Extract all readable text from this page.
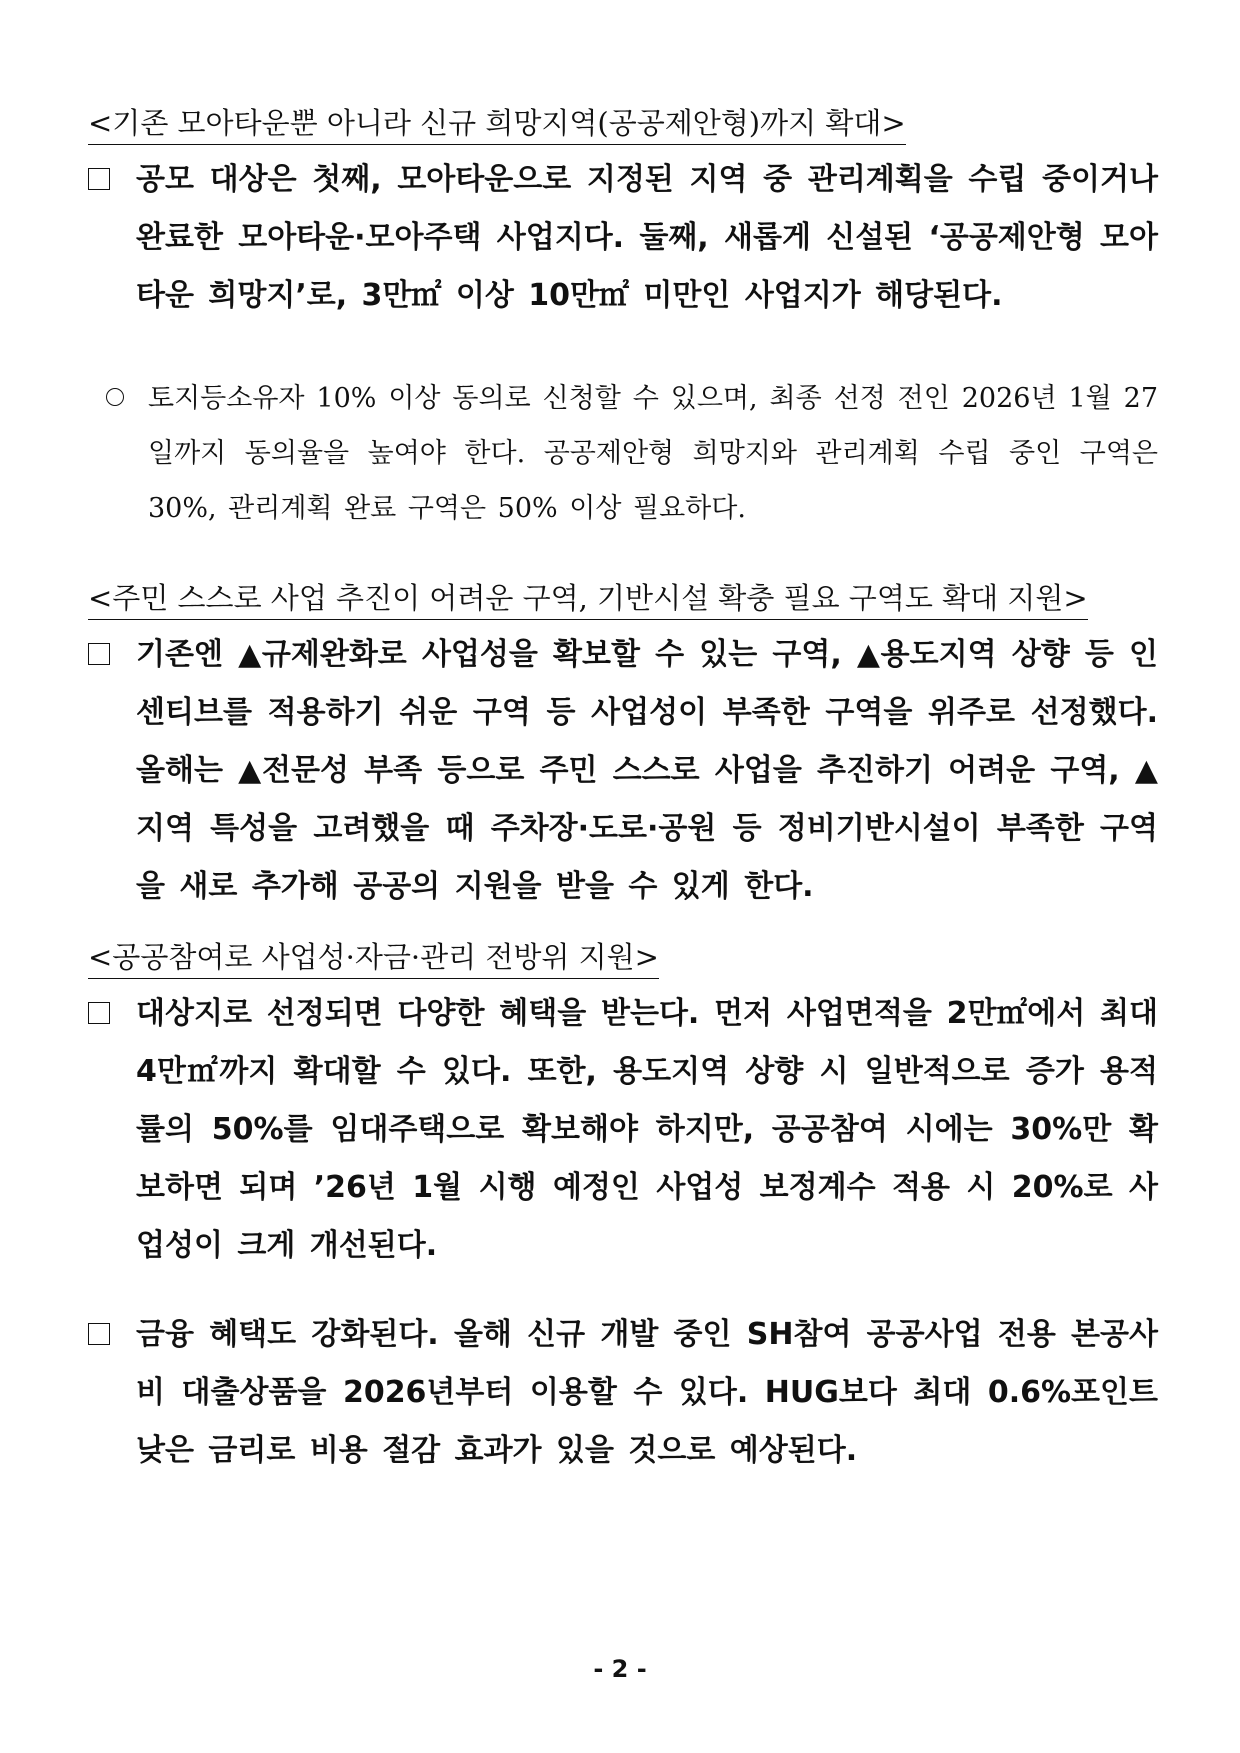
<기존 모아타운뿐 아니라 신규 희망지역(공공제안형)까지 확대>
공모 대상은 첫째, 모아타운으로 지정된 지역 중 관리계획을 수립 중이거나 완료한 모아타운·모아주택 사업지다. 둘째, 새롭게 신설된 ‘공공제안형 모아타운 희망지’로, 3만㎡ 이상 10만㎡ 미만인 사업지가 해당된다.
토지등소유자 10% 이상 동의로 신청할 수 있으며, 최종 선정 전인 2026년 1월 27일까지 동의율을 높여야 한다. 공공제안형 희망지와 관리계획 수립 중인 구역은 30%, 관리계획 완료 구역은 50% 이상 필요하다.
<주민 스스로 사업 추진이 어려운 구역, 기반시설 확충 필요 구역도 확대 지원>
기존엔 ▲규제완화로 사업성을 확보할 수 있는 구역, ▲용도지역 상향 등 인센티브를 적용하기 쉬운 구역 등 사업성이 부족한 구역을 위주로 선정했다. 올해는 ▲전문성 부족 등으로 주민 스스로 사업을 추진하기 어려운 구역, ▲지역 특성을 고려했을 때 주차장·도로·공원 등 정비기반시설이 부족한 구역을 새로 추가해 공공의 지원을 받을 수 있게 한다.
<공공참여로 사업성·자금·관리 전방위 지원>
대상지로 선정되면 다양한 혜택을 받는다. 먼저 사업면적을 2만㎡에서 최대 4만㎡까지 확대할 수 있다. 또한, 용도지역 상향 시 일반적으로 증가 용적률의 50%를 임대주택으로 확보해야 하지만, 공공참여 시에는 30%만 확보하면 되며 ’26년 1월 시행 예정인 사업성 보정계수 적용 시 20%로 사업성이 크게 개선된다.
금융 혜택도 강화된다. 올해 신규 개발 중인 SH참여 공공사업 전용 본공사비 대출상품을 2026년부터 이용할 수 있다. HUG보다 최대 0.6%포인트 낮은 금리로 비용 절감 효과가 있을 것으로 예상된다.
- 2 -
